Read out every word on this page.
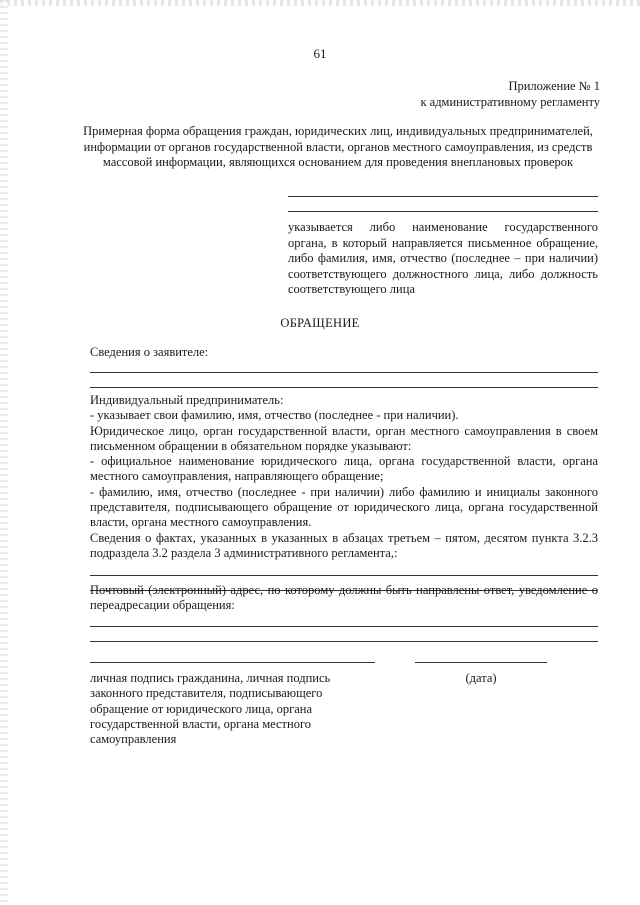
61
Приложение № 1
к административному регламенту
Примерная форма обращения граждан, юридических лиц, индивидуальных предпринимателей, информации от органов государственной власти, органов местного самоуправления, из средств массовой информации, являющихся основанием для проведения внеплановых проверок
указывается либо наименование государственного органа, в который направляется письменное обращение, либо фамилия, имя, отчество (последнее – при наличии) соответствующего должностного лица, либо должность соответствующего лица
ОБРАЩЕНИЕ

Сведения о заявителе:

Индивидуальный предприниматель:

- указывает свои фамилию, имя, отчество (последнее - при наличии).

Юридическое лицо, орган государственной власти, орган местного самоуправления в своем письменном обращении в обязательном порядке указывают:

- официальное наименование юридического лица, органа государственной власти, органа местного самоуправления, направляющего обращение;

- фамилию, имя, отчество (последнее - при наличии) либо фамилию и инициалы законного представителя, подписывающего обращение от юридического лица, органа государственной власти, органа местного самоуправления.

Сведения о фактах, указанных в указанных в абзацах третьем – пятом, десятом пункта 3.2.3 подраздела 3.2 раздела 3 административного регламента,:

Почтовый (электронный) адрес, по которому должны быть направлены ответ, уведомление о переадресации обращения:

личная подпись гражданина, личная подпись законного представителя, подписывающего обращение от юридического лица, органа государственной власти, органа местного самоуправления
(дата)
